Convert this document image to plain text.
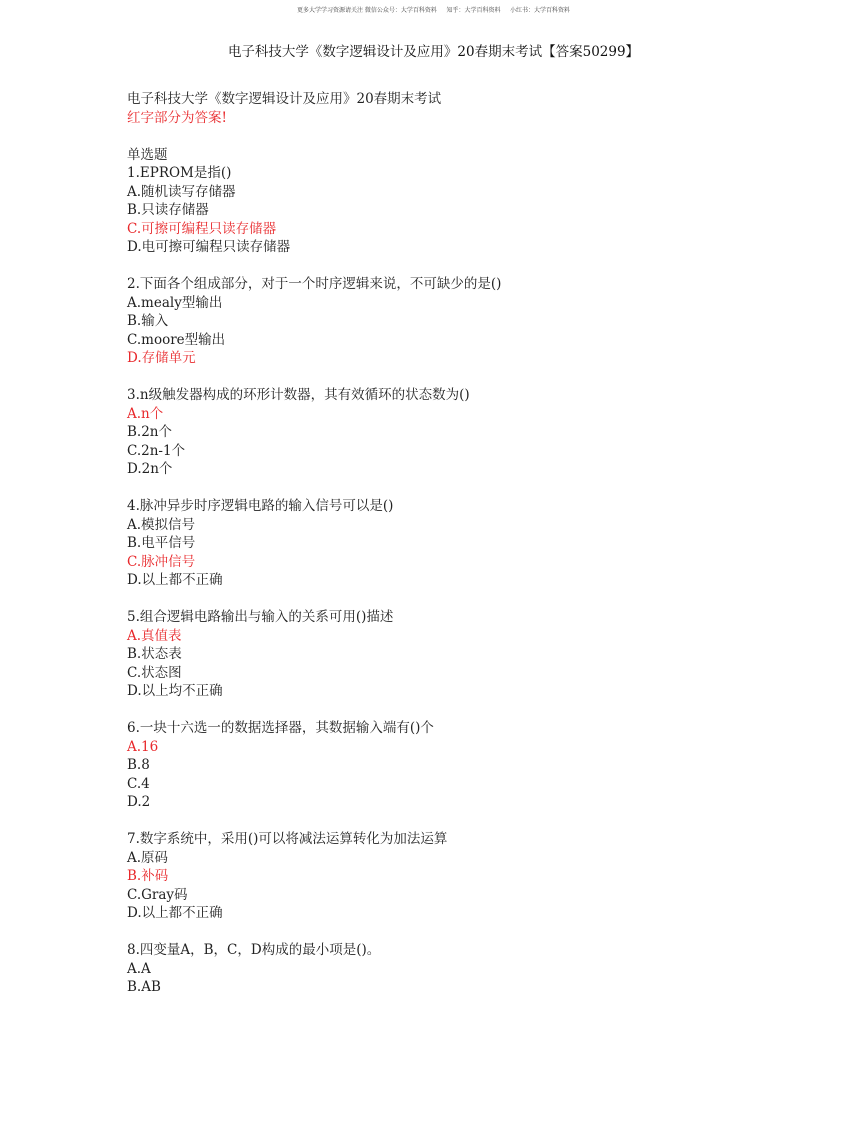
更多大学学习资源请关注 微信公众号：大学百科资料     知乎：大学百科资料     小红书：大学百科资料
电子科技大学《数字逻辑设计及应用》20春期末考试【答案50299】
电子科技大学《数字逻辑设计及应用》20春期末考试
红字部分为答案!
单选题
1.EPROM是指()
A.随机读写存储器
B.只读存储器
C.可擦可编程只读存储器
D.电可擦可编程只读存储器
2.下面各个组成部分，对于一个时序逻辑来说，不可缺少的是()
A.mealy型输出
B.输入
C.moore型输出
D.存储单元
3.n级触发器构成的环形计数器，其有效循环的状态数为()
A.n个
B.2n个
C.2n-1个
D.2n个
4.脉冲异步时序逻辑电路的输入信号可以是()
A.模拟信号
B.电平信号
C.脉冲信号
D.以上都不正确
5.组合逻辑电路输出与输入的关系可用()描述
A.真值表
B.状态表
C.状态图
D.以上均不正确
6.一块十六选一的数据选择器，其数据输入端有()个
A.16
B.8
C.4
D.2
7.数字系统中，采用()可以将减法运算转化为加法运算
A.原码
B.补码
C.Gray码
D.以上都不正确
8.四变量A，B，C，D构成的最小项是()。
A.A
B.AB
